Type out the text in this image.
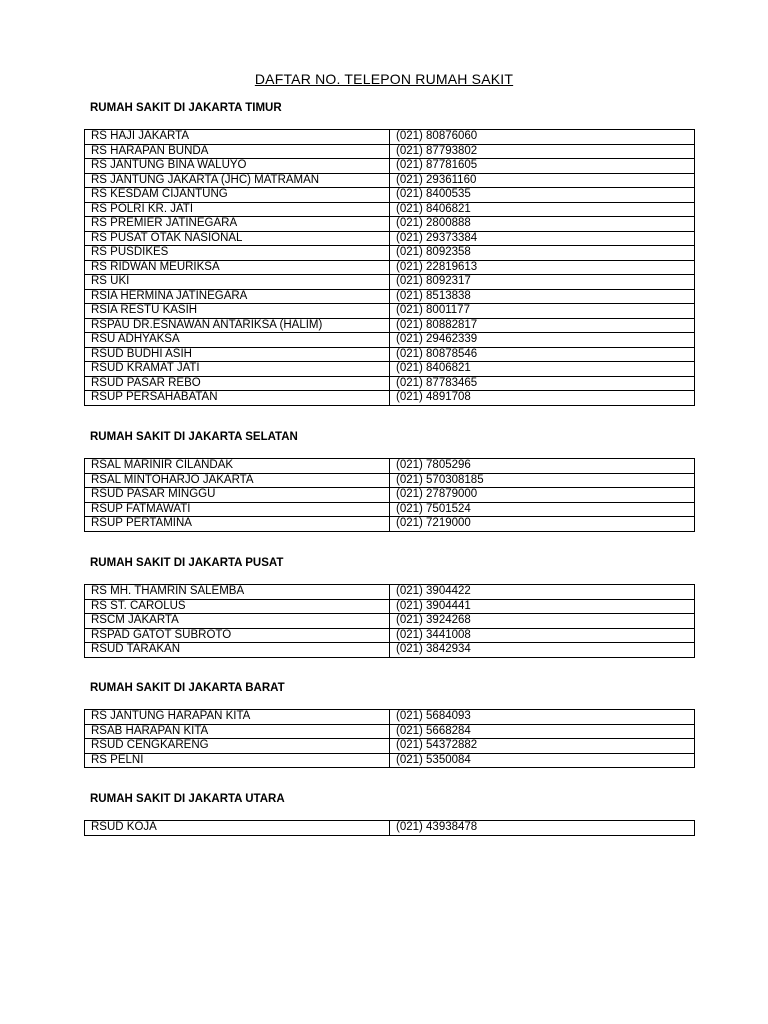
DAFTAR NO. TELEPON RUMAH SAKIT
RUMAH SAKIT DI JAKARTA TIMUR
RS HAJI JAKARTA	(021) 80876060
RS HARAPAN BUNDA	(021) 87793802
RS JANTUNG BINA WALUYO	(021) 87781605
RS JANTUNG JAKARTA (JHC) MATRAMAN	(021) 29361160
RS KESDAM CIJANTUNG	(021) 8400535
RS POLRI KR. JATI	(021) 8406821
RS PREMIER JATINEGARA	(021) 2800888
RS PUSAT OTAK NASIONAL	(021) 29373384
RS PUSDIKES	(021) 8092358
RS RIDWAN MEURIKSA	(021) 22819613
RS UKI	(021) 8092317
RSIA HERMINA JATINEGARA	(021) 8513838
RSIA RESTU KASIH	(021) 8001177
RSPAU DR.ESNAWAN ANTARIKSA (HALIM)	(021) 80882817
RSU ADHYAKSA	(021) 29462339
RSUD BUDHI ASIH	(021) 80878546
RSUD KRAMAT JATI	(021) 8406821
RSUD PASAR REBO	(021) 87783465
RSUP PERSAHABATAN	(021) 4891708
RUMAH SAKIT DI JAKARTA SELATAN
RSAL MARINIR CILANDAK	(021) 7805296
RSAL MINTOHARJO JAKARTA	(021) 570308185
RSUD PASAR MINGGU	(021) 27879000
RSUP FATMAWATI	(021) 7501524
RSUP PERTAMINA	(021) 7219000
RUMAH SAKIT DI JAKARTA PUSAT
RS MH. THAMRIN SALEMBA	(021) 3904422
RS ST. CAROLUS	(021) 3904441
RSCM JAKARTA	(021) 3924268
RSPAD GATOT SUBROTO	(021) 3441008
RSUD TARAKAN	(021) 3842934
RUMAH SAKIT DI JAKARTA BARAT
RS JANTUNG HARAPAN KITA	(021) 5684093
RSAB HARAPAN KITA	(021) 5668284
RSUD CENGKARENG	(021) 54372882
RS PELNI	(021) 5350084
RUMAH SAKIT DI JAKARTA UTARA
RSUD KOJA	(021) 43938478
